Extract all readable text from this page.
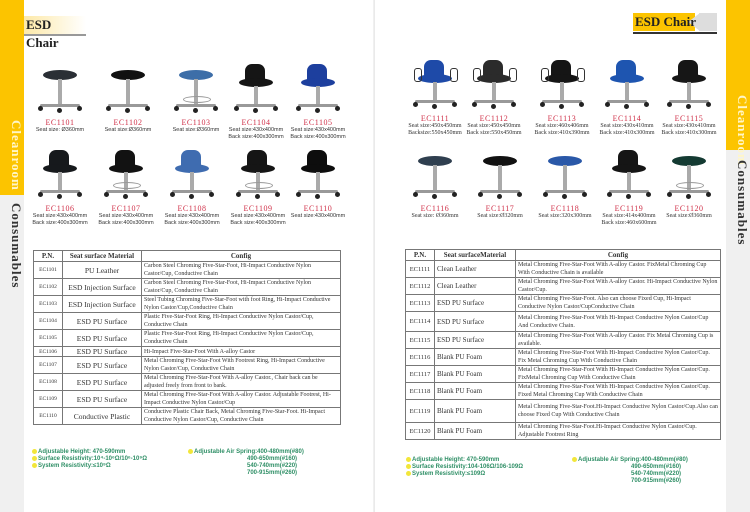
Cleanroom
Consumables
ESD Chair
EC1101
Seat size: Ø360mm
EC1102
Seat size:Ø360mm
EC1103
Seat size:Ø360mm
EC1104
Seat size:430x400mm
Back size:400x300mm
EC1105
Seat size:430x400mm
Back size:400x300mm
EC1106
Seat size:430x400mm
Back size:400x300mm
EC1107
Seat size:430x400mm
Back size:400x300mm
EC1108
Seat size:430x400mm
Back size:400x300mm
EC1109
Seat size:430x400mm
Back size:400x300mm
EC1110
Seat size:430x400mm
P.N.	Seat surface Material	Config
EC1101	PU Leather	Carbon Steel Chroming Five-Star-Foot, Hi-Impact Conductive Nylon Castor/Cup, Conductive Chain
EC1102	ESD Injection Surface	Carbon Steel Chroming Five-Star-Foot, Hi-Impact Conductive Nylon Castor/Cup, Conductive Chain
EC1103	ESD Injection Surface	Steel Tubing Chroming Five-Star-Foot with foot Ring, Hi-Impact Conductive Nylon Castor/Cup,Conductive Chain
EC1104	ESD PU Surface	Plastic Five-Star-Foot Ring, Hi-Impact Conductive Nylon Castor/Cup, Conductive Chain
EC1105	ESD PU Surface	Plastic Five-Star-Foot Ring, Hi-Impact Conductive Nylon Castor/Cup, Conductive Chain
EC1106	ESD PU Surface	Hi-Impact Five-Star-Foot With A-alloy Castor
EC1107	ESD PU Surface	Metal Chroming Five-Star-Foot With Footrest Ring, Hi-Impact Conductive Nylon Castor/Cup, Conductive Chain
EC1108	ESD PU Surface	Metal Chroming Five-Star-Foot With A-alloy Castor., Chair back can be adjusted freely from front to bank.
EC1109	ESD PU Surface	Metal Chroming Five-Star-Foot With A-alloy Castor. Adjustable Footrest, Hi-Impact Conductive Nylon Castor/Cup
EC1110	Conductive Plastic	Conductive Plastic Chair Back, Metal Chroming Five-Star-Foot. Hi-Impact Conductive Nylon Castor/Cup, Conductive Chain
Adjustable Height: 470-590mm
Surface Resistivity:10⁴-10⁶Ω/10⁶-10⁹Ω
System Resistivity:≤10⁹Ω
Adjustable Air Spring:400-480mm(#80)
490-650mm(#160)
540-740mm(#220)
700-915mm(#260)
Cleanroom
Consumables
ESD Chair
EC1111
Seat size:450x450mm
Backsize:550x450mm
EC1112
Seat size:450x450mm
Back size:550x450mm
EC1113
Seat size:460x406mm
Back size:410x390mm
EC1114
Seat size:430x410mm
Back size:410x300mm
EC1115
Seat size:430x410mm
Back size:410x300mm
EC1116
Seat size: Ø360mm
EC1117
Seat size:Ø320mm
EC1118
Seat size:320x300mm
EC1119
Seat size:414x400mm
Back size:460x600mm
EC1120
Seat size:Ø360mm
P.N.	Seat surfaceMaterial	Config
EC1111	Clean Leather	Metal Chroming Five-Star-Foot With A-alloy Castor. FixMetal Chroming Cup With Conductive Chain is available
EC1112	Clean Leather	Metal Chroming Five-Star-Foot With A-alloy Castor. Hi-Impact Conductive Nylon Castor/Cup.
EC1113	ESD PU Surface	Metal Chroming Five-Star-Foot. Also can choose Fixed Cup, Hi-Impact Conductive Nylon Castor/CupConductive Chain
EC1114	ESD PU Surface	Metal Chroming Five-Star-Foot With Hi-Impact Conductive Nylon Castor/Cup And Conductive Chain.
EC1115	ESD PU Surface	Metal Chroming Five-Star-Foot With A-alloy Castor. Fix Metal Chroming Cup is available.
EC1116	Blank PU Foam	Metal Chroming Five-Star-Foot With Hi-Impact Conductive Nylon Castor/Cup. Fix Metal Chroming Cup With Conductive Chain
EC1117	Blank PU Foam	Metal Chroming Five-Star-Foot With Hi-Impact Conductive Nylon Castor/Cup. FixMetal Chroming Cup With Conductive Chain
EC1118	Blank PU Foam	Metal Chroming Five-Star-Foot With Hi-Impact Conductive Nylon Castor/Cup. Fixed Metal Chroming Cup With Conductive Chain
EC1119	Blank PU Foam	Metal Chroming Five-Star-Foot.Hi-Impact Conductive Nylon Castor/Cup.Also can choose Fixed Cup With Conductive Chain
EC1120	Blank PU Foam	Metal Chroming Five-Star-Foot.Hi-Impact Conductive Nylon Castor/Cup. Adjustable Footrest Ring
Adjustable Height: 470-590mm
Surface Resistivity:104-106Ω/106-109Ω
System Resistivity:≤109Ω
Adjustable Air Spring:400-480mm(#80)
490-650mm(#160)
540-740mm(#220)
700-915mm(#260)
